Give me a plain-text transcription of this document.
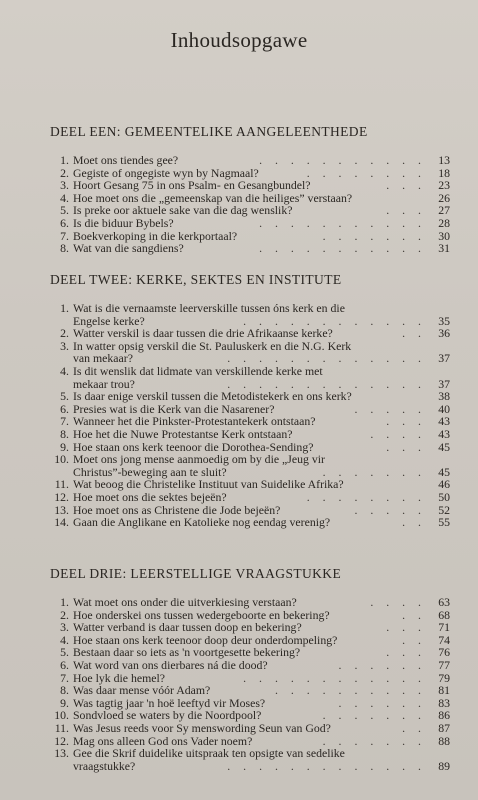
Inhoudsopgawe
DEEL EEN: GEMEENTELIKE AANGELEENTHEDE
1. Moet ons tiendes gee?	. . . . . . . . . . .	13
2. Gegiste of ongegiste wyn by Nagmaal?	. . . . . . . .	18
3. Hoort Gesang 75 in ons Psalm- en Gesangbundel?	. . .	23
4. Hoe moet ons die „gemeenskap van die heiliges” verstaan?	26
5. Is preke oor aktuele sake van die dag wenslik?	. . .	27
6. Is die biduur Bybels?	. . . . . . . . . . .	28
7. Boekverkoping in die kerkportaal?	. . . . . . .	30
8. Wat van die sangdiens?	. . . . . . . . . . .	31
DEEL TWEE: KERKE, SEKTES EN INSTITUTE
1. Wat is die vernaamste leerverskille tussen óns kerk en die
Engelse kerke?	. . . . . . . . . . . .	35
2. Watter verskil is daar tussen die drie Afrikaanse kerke?	. .	36
3. In watter opsig verskil die St. Pauluskerk en die N.G. Kerk
van mekaar?	. . . . . . . . . . . . .	37
4. Is dit wenslik dat lidmate van verskillende kerke met
mekaar trou?	. . . . . . . . . . . . .	37
5. Is daar enige verskil tussen die Metodistekerk en ons kerk?	38
6. Presies wat is die Kerk van die Nasarener?	. . . . .	40
7. Wanneer het die Pinkster-Protestantekerk ontstaan?	. . .	43
8. Hoe het die Nuwe Protestantse Kerk ontstaan?	. . . .	43
9. Hoe staan ons kerk teenoor die Dorothea-Sending?	. . .	45
10. Moet ons jong mense aanmoedig om by die „Jeug vir
Christus”-beweging aan te sluit?	. . . . . . .	45
11. Wat beoog die Christelike Instituut van Suidelike Afrika?	46
12. Hoe moet ons die sektes bejeën?	. . . . . . . .	50
13. Hoe moet ons as Christene die Jode bejeën?	. . . . .	52
14. Gaan die Anglikane en Katolieke nog eendag verenig?	. .	55
DEEL DRIE: LEERSTELLIGE VRAAGSTUKKE
1. Wat moet ons onder die uitverkiesing verstaan?	. . . .	63
2. Hoe onderskei ons tussen wedergeboorte en bekering?	. .	68
3. Watter verband is daar tussen doop en bekering?	. . .	71
4. Hoe staan ons kerk teenoor doop deur onderdompeling?	. .	74
5. Bestaan daar so iets as 'n voortgesette bekering?	. . .	76
6. Wat word van ons dierbares ná die dood?	. . . . . .	77
7. Hoe lyk die hemel?	. . . . . . . . . . . .	79
8. Was daar mense vóór Adam?	. . . . . . . . . .	81
9. Was tagtig jaar 'n hoë leeftyd vir Moses?	. . . . . .	83
10. Sondvloed se waters by die Noordpool?	. . . . . . .	86
11. Was Jesus reeds voor Sy menswording Seun van God?	. .	87
12. Mag ons alleen God ons Vader noem?	. . . . . . .	88
13. Gee die Skrif duidelike uitspraak ten opsigte van sedelike
vraagstukke?	. . . . . . . . . . . . .	89
